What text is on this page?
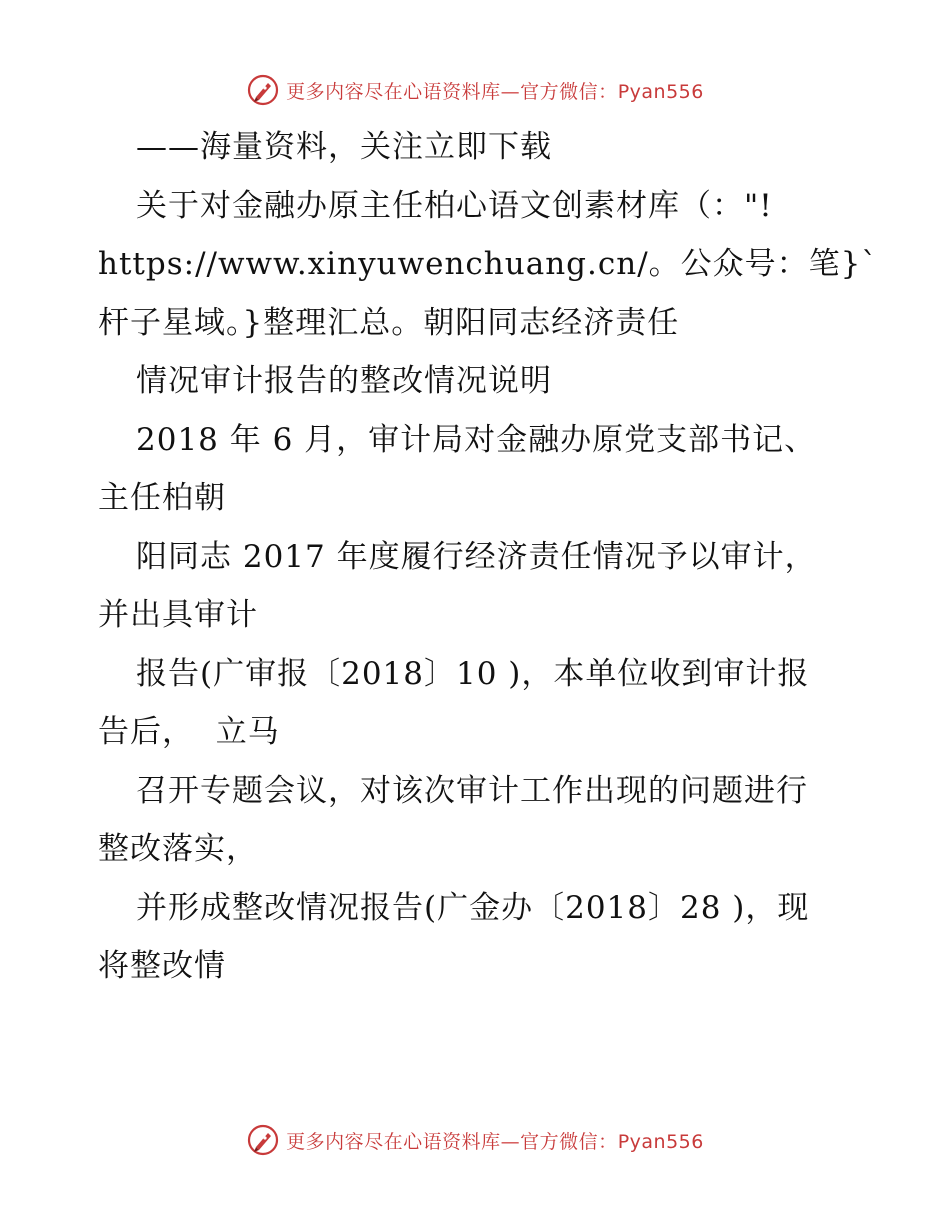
更多内容尽在心语资料库—官方微信：Pyan556

——海量资料，关注立即下载

关于对金融办原主任柏心语文创素材库（："!

https://www.xinyuwenchuang.cn/。公众号：笔}`

杆子星域。}整理汇总。朝阳同志经济责任

情况审计报告的整改情况说明

2018 年 6 月，审计局对金融办原党支部书记、

主任柏朝

阳同志 2017 年度履行经济责任情况予以审计，

并出具审计

报告(广审报〔2018〕10 )，本单位收到审计报

告后，  立马

召开专题会议，对该次审计工作出现的问题进行

整改落实，

并形成整改情况报告(广金办〔2018〕28 )，现

将整改情

更多内容尽在心语资料库—官方微信：Pyan556
